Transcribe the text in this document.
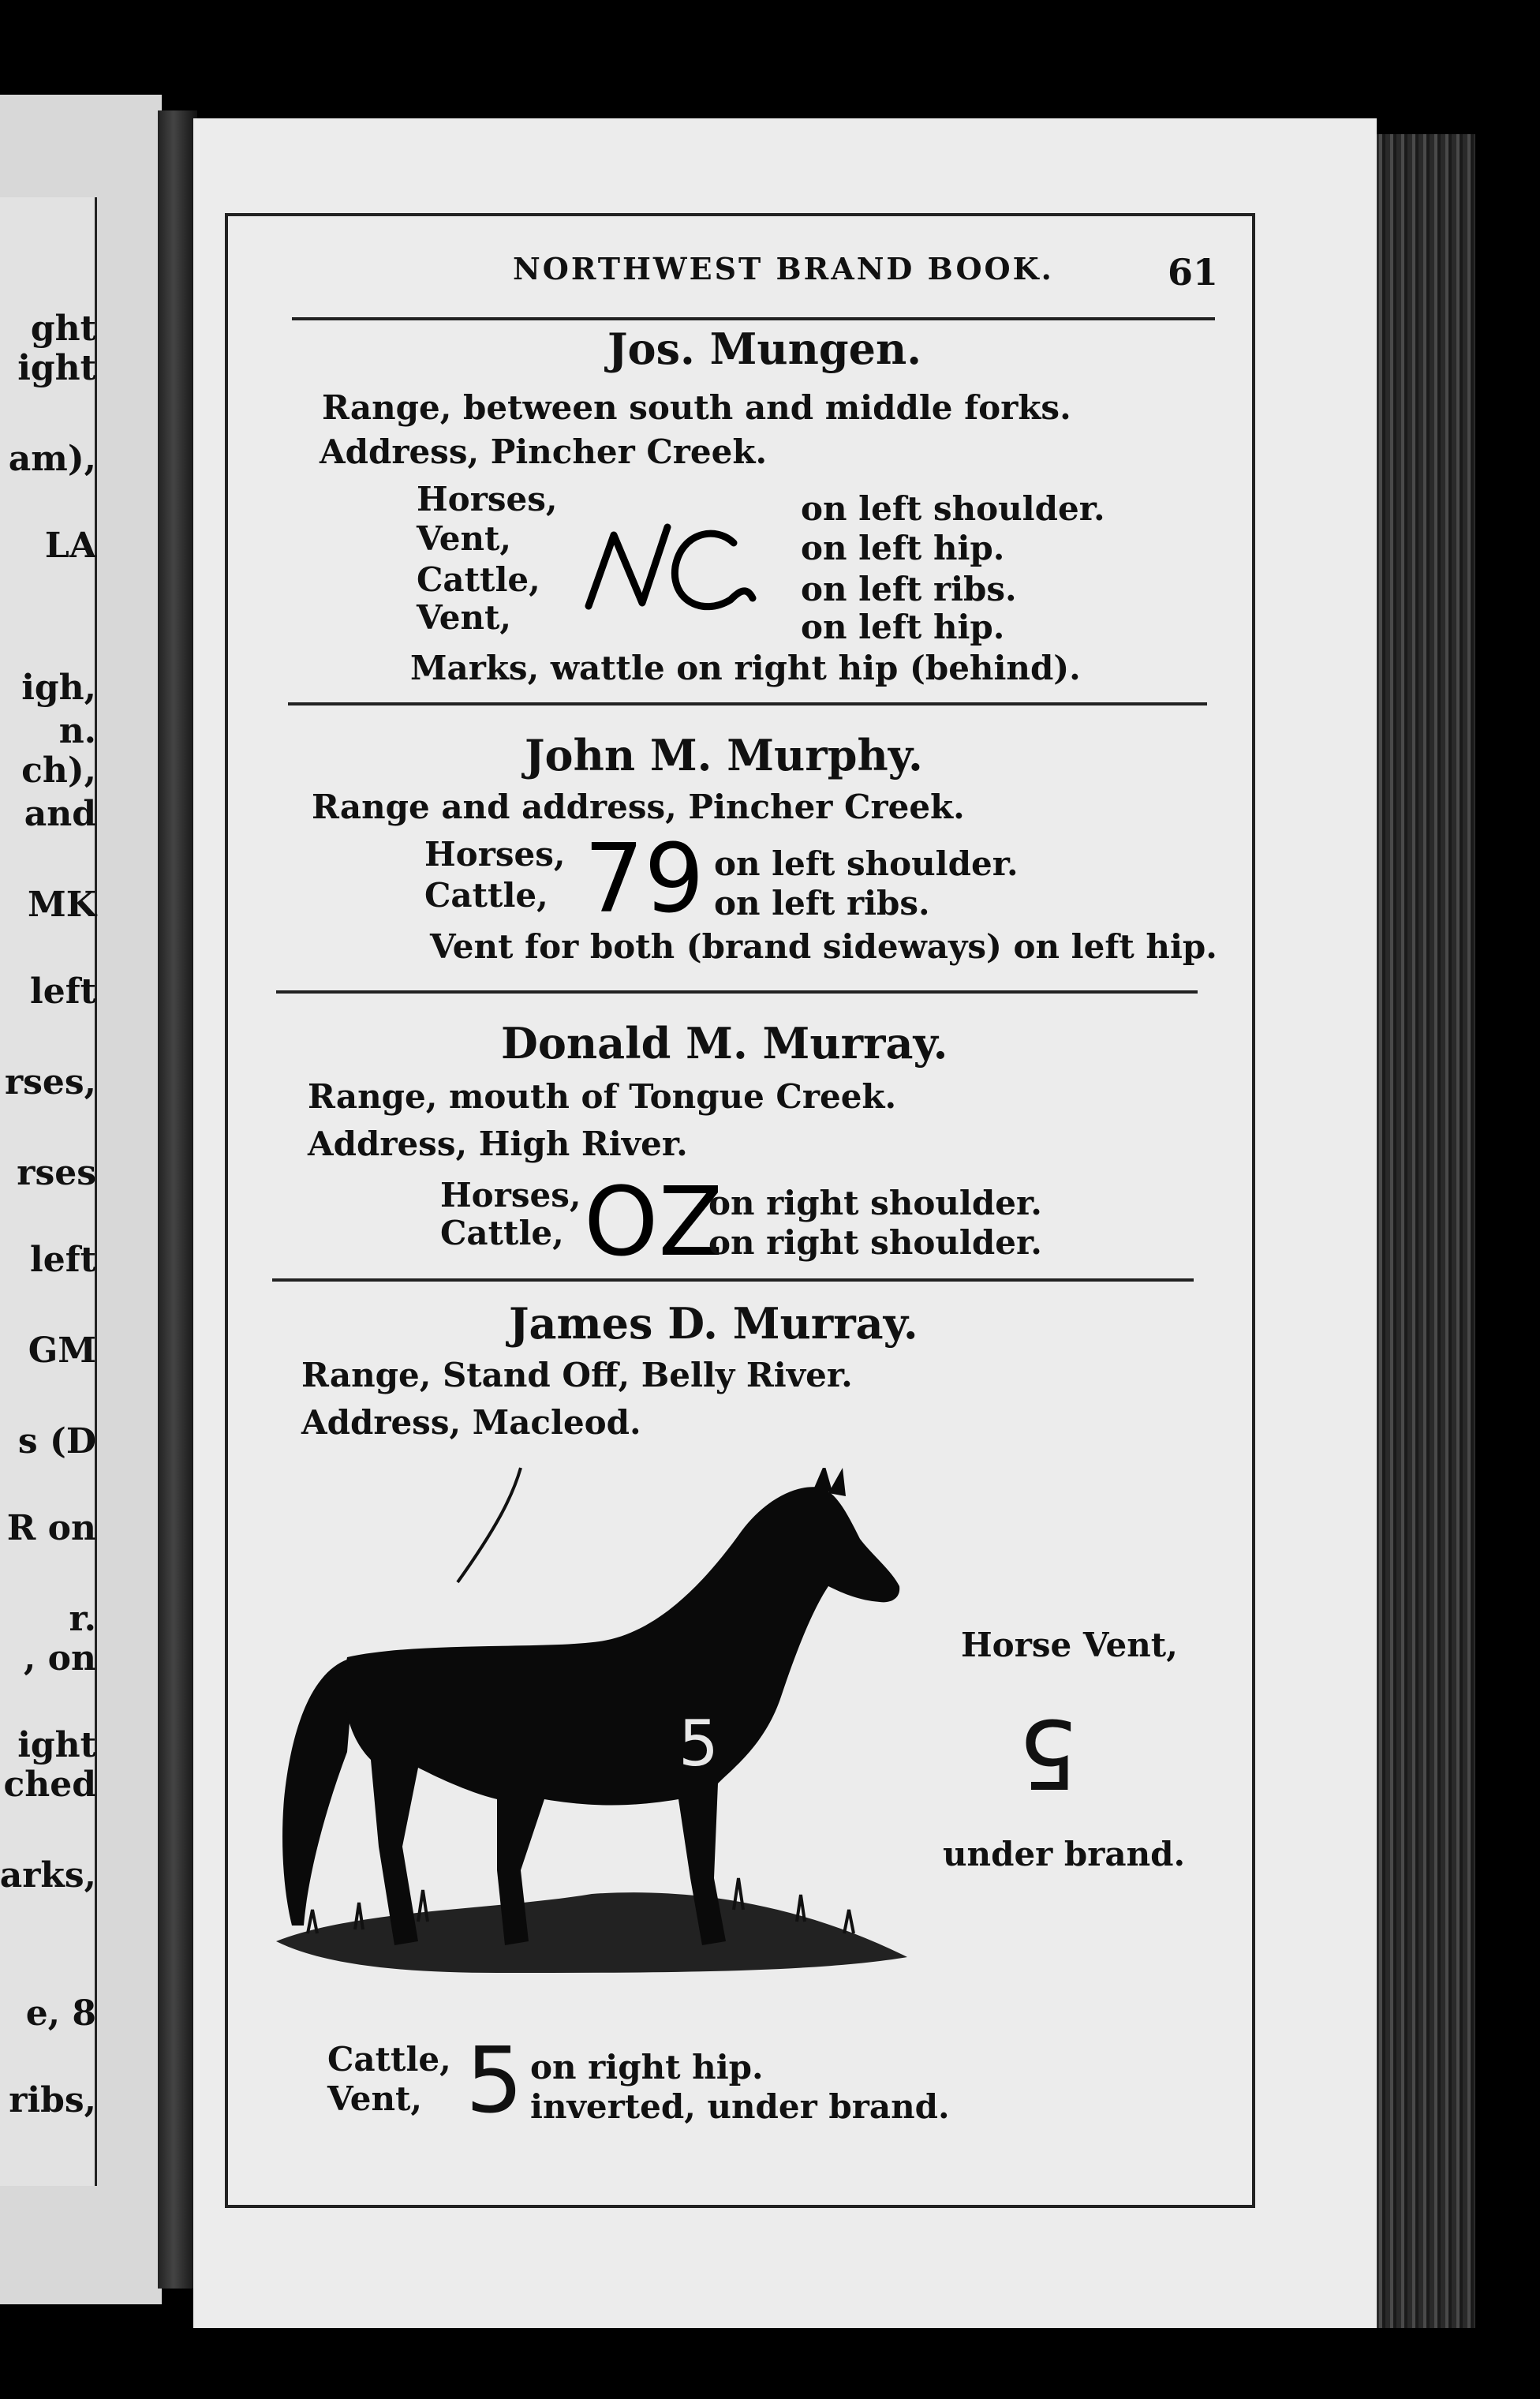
ght
ight
am),
LA
igh,
n.
ch),
and
MK
left
rses,
rses
left
GM
s (D
R on
r.
, on
ight
ched
arks,
e, 8
ribs,
NORTHWEST BRAND BOOK.	61
Jos. Mungen.
Range, between south and middle forks.
Address, Pincher Creek.
Horses,
Vent,
Cattle,
Vent,
on left shoulder.
on left hip.
on left ribs.
on left hip.
Marks, wattle on right hip (behind).
John M. Murphy.
Range and address, Pincher Creek.
Horses,
Cattle, 79 on left shoulder.
on left ribs.
Vent for both (brand sideways) on left hip.
Donald M. Murray.
Range, mouth of Tongue Creek.
Address, High River.
Horses,
Cattle, OZ
on right shoulder.
on right shoulder.
James D. Murray.
Range, Stand Off, Belly River.
Address, Macleod.
5
Horse Vent,
5
under brand.
Cattle,
Vent, 5 on right hip.
inverted, under brand.
